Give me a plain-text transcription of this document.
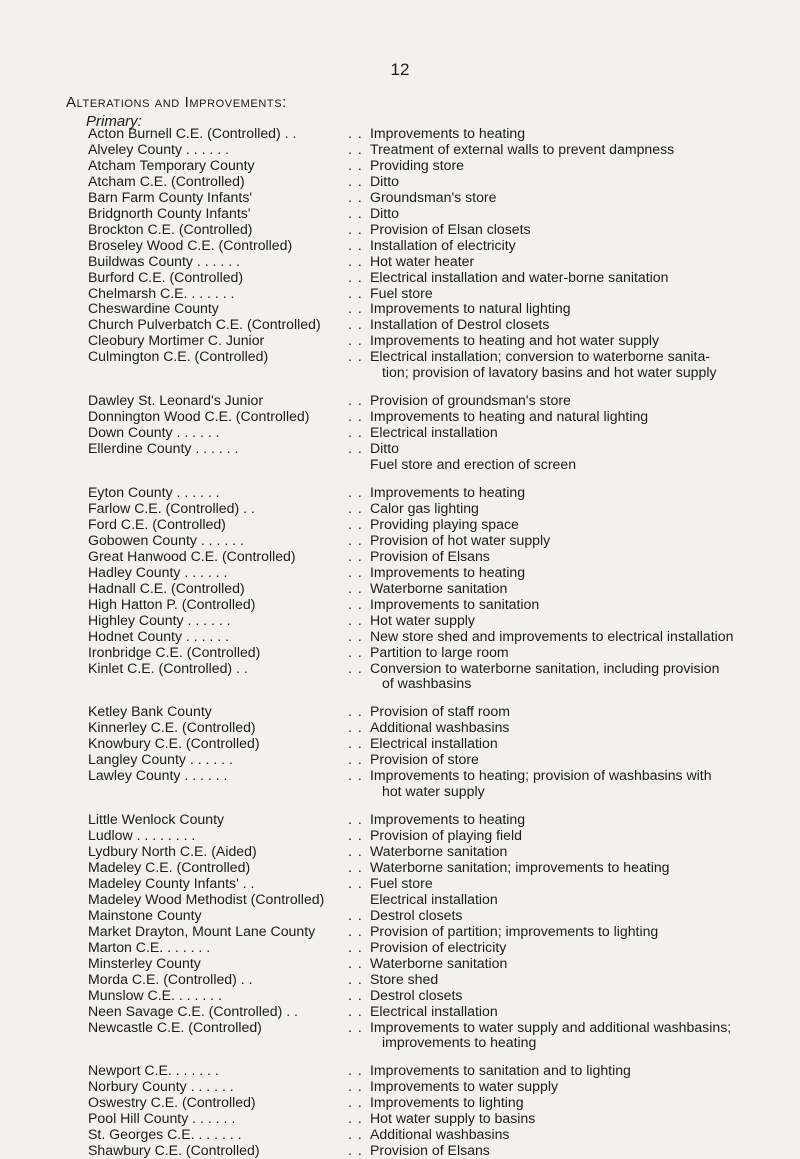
12
Alterations and Improvements:
Primary:
Acton Burnell C.E. (Controlled) . .	. . Improvements to heating
Alveley County . . . . . .	. . Treatment of external walls to prevent dampness
Atcham Temporary County	. . Providing store
Atcham C.E. (Controlled)	. . Ditto
Barn Farm County Infants'	. . Groundsman's store
Bridgnorth County Infants'	. . Ditto
Brockton C.E. (Controlled)	. . Provision of Elsan closets
Broseley Wood C.E. (Controlled)	. . Installation of electricity
Buildwas County . . . . . .	. . Hot water heater
Burford C.E. (Controlled)	. . Electrical installation and water-borne sanitation
Chelmarsh C.E. . . . . . .	. . Fuel store
Cheswardine County	. . Improvements to natural lighting
Church Pulverbatch C.E. (Controlled)	. . Installation of Destrol closets
Cleobury Mortimer C. Junior	. . Improvements to heating and hot water supply
Culmington C.E. (Controlled)	. . Electrical installation; conversion to waterborne sanita-
tion; provision of lavatory basins and hot water supply
Dawley St. Leonard's Junior	. . Provision of groundsman's store
Donnington Wood C.E. (Controlled)	. . Improvements to heating and natural lighting
Down County . . . . . .	. . Electrical installation
Ellerdine County . . . . . .	. . Ditto
Fuel store and erection of screen
Eyton County . . . . . .	. . Improvements to heating
Farlow C.E. (Controlled) . .	. . Calor gas lighting
Ford C.E. (Controlled)	. . Providing playing space
Gobowen County . . . . . .	. . Provision of hot water supply
Great Hanwood C.E. (Controlled)	. . Provision of Elsans
Hadley County . . . . . .	. . Improvements to heating
Hadnall C.E. (Controlled)	. . Waterborne sanitation
High Hatton P. (Controlled)	. . Improvements to sanitation
Highley County . . . . . .	. . Hot water supply
Hodnet County . . . . . .	. . New store shed and improvements to electrical installation
Ironbridge C.E. (Controlled)	. . Partition to large room
Kinlet C.E. (Controlled) . .	. . Conversion to waterborne sanitation, including provision
of washbasins
Ketley Bank County	. . Provision of staff room
Kinnerley C.E. (Controlled)	. . Additional washbasins
Knowbury C.E. (Controlled)	. . Electrical installation
Langley County . . . . . .	. . Provision of store
Lawley County . . . . . .	. . Improvements to heating; provision of washbasins with
hot water supply
Little Wenlock County	. . Improvements to heating
Ludlow . . . . . . . .	. . Provision of playing field
Lydbury North C.E. (Aided)	. . Waterborne sanitation
Madeley C.E. (Controlled)	. . Waterborne sanitation; improvements to heating
Madeley County Infants' . .	. . Fuel store
Madeley Wood Methodist (Controlled)	Electrical installation
Mainstone County	. . Destrol closets
Market Drayton, Mount Lane County	. . Provision of partition; improvements to lighting
Marton C.E. . . . . . .	. . Provision of electricity
Minsterley County	. . Waterborne sanitation
Morda C.E. (Controlled) . .	. . Store shed
Munslow C.E. . . . . . .	. . Destrol closets
Neen Savage C.E. (Controlled) . .	. . Electrical installation
Newcastle C.E. (Controlled)	. . Improvements to water supply and additional washbasins;
improvements to heating
Newport C.E. . . . . . .	. . Improvements to sanitation and to lighting
Norbury County . . . . . .	. . Improvements to water supply
Oswestry C.E. (Controlled)	. . Improvements to lighting
Pool Hill County . . . . . .	. . Hot water supply to basins
St. Georges C.E. . . . . . .	. . Additional washbasins
Shawbury C.E. (Controlled)	. . Provision of Elsans
